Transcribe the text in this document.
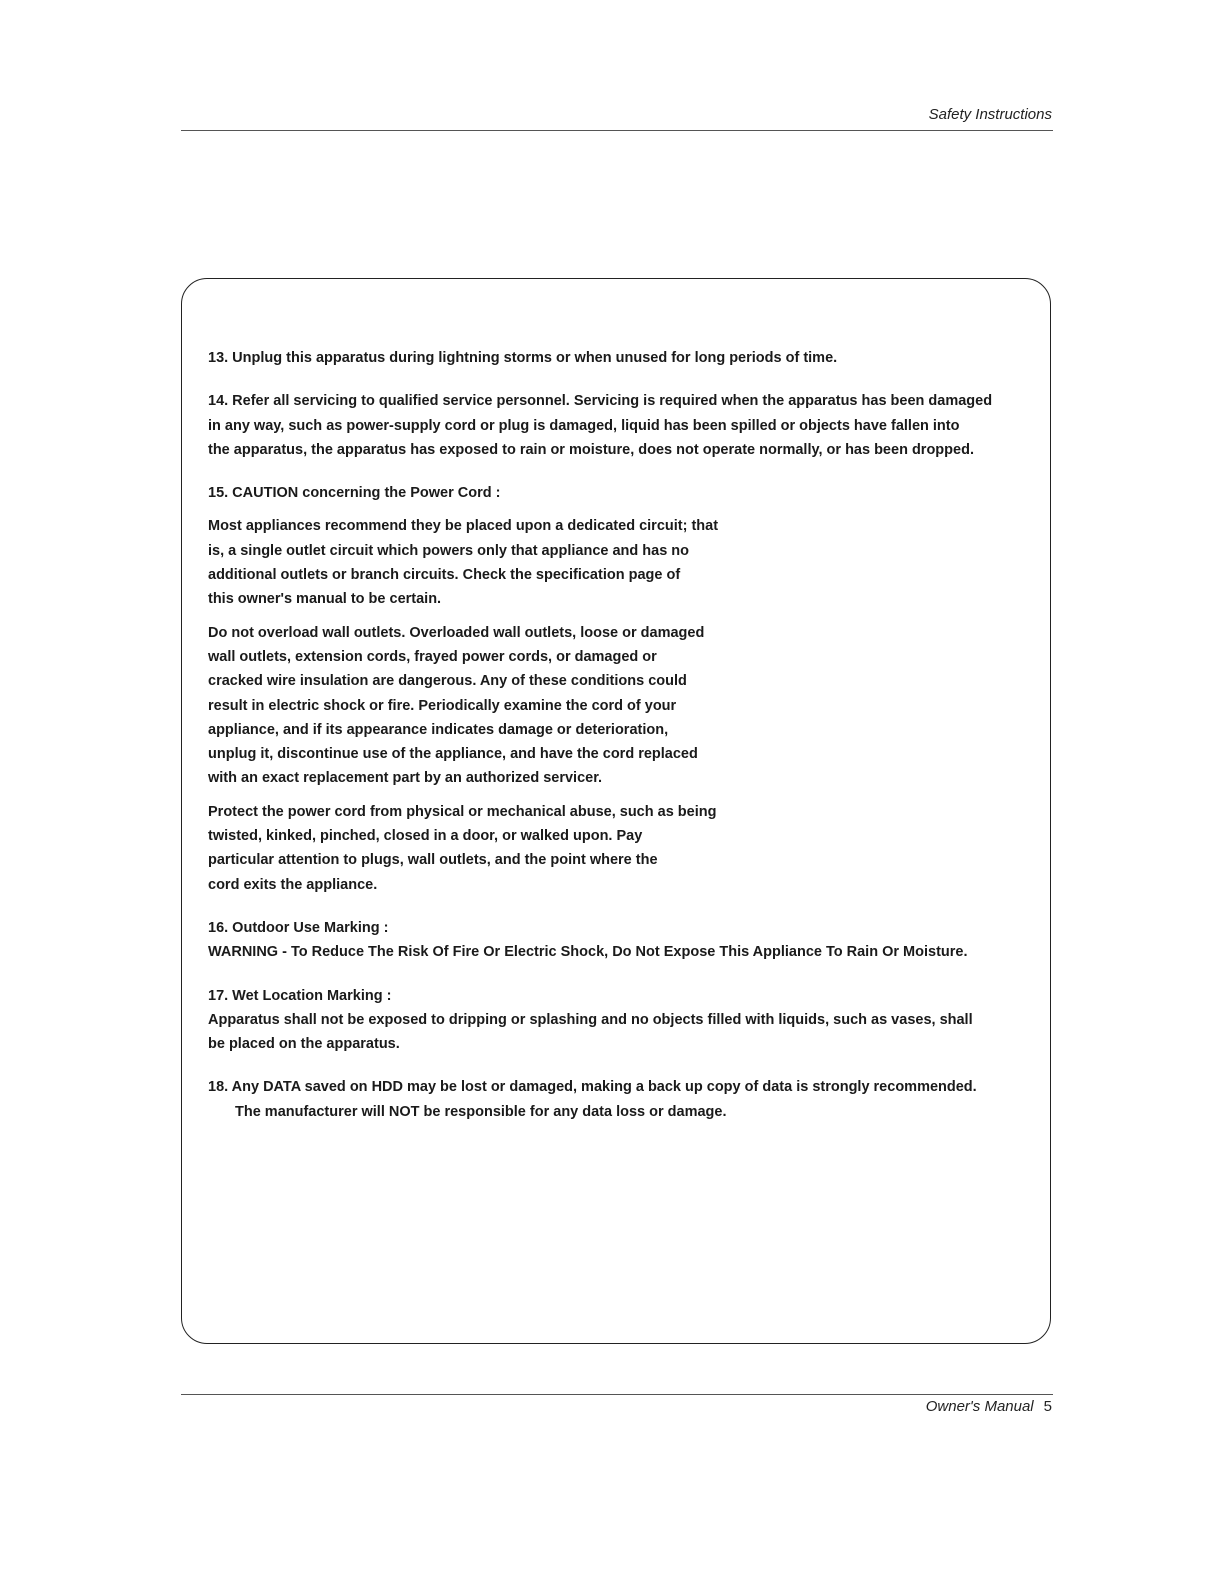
Safety Instructions

13. Unplug this apparatus during lightning storms or when unused for long periods of time.

14. Refer all servicing to qualified service personnel. Servicing is required when the apparatus has been damaged
in any way, such as power-supply cord or plug is damaged, liquid has been spilled or objects have fallen into
the apparatus, the apparatus has exposed to rain or moisture, does not operate normally, or has been dropped.
15. CAUTION concerning the Power Cord :
Most appliances recommend they be placed upon a dedicated circuit; that
is, a single outlet circuit which powers only that appliance and has no
additional outlets or branch circuits. Check the specification page of
this owner's manual to be certain.
Do not overload wall outlets. Overloaded wall outlets, loose or damaged
wall outlets, extension cords, frayed power cords, or damaged or
cracked wire insulation are dangerous. Any of these conditions could
result in electric shock or fire. Periodically examine the cord of your
appliance, and if its appearance indicates damage or deterioration,
unplug it, discontinue use of the appliance, and have the cord replaced
with an exact replacement part by an authorized servicer.
Protect the power cord from physical or mechanical abuse, such as being
twisted, kinked, pinched, closed in a door, or walked upon. Pay
particular attention to plugs, wall outlets, and the point where the
cord exits the appliance.
16. Outdoor Use Marking :
WARNING - To Reduce The Risk Of Fire Or Electric Shock, Do Not Expose This Appliance To Rain Or Moisture.
17. Wet Location Marking :
Apparatus shall not be exposed to dripping or splashing and no objects filled with liquids, such as vases, shall
be placed on the apparatus.
18. Any DATA saved on HDD may be lost or damaged, making a back up copy of data is strongly recommended.
The manufacturer will NOT be responsible for any data loss or damage.
Owner's Manual 5
